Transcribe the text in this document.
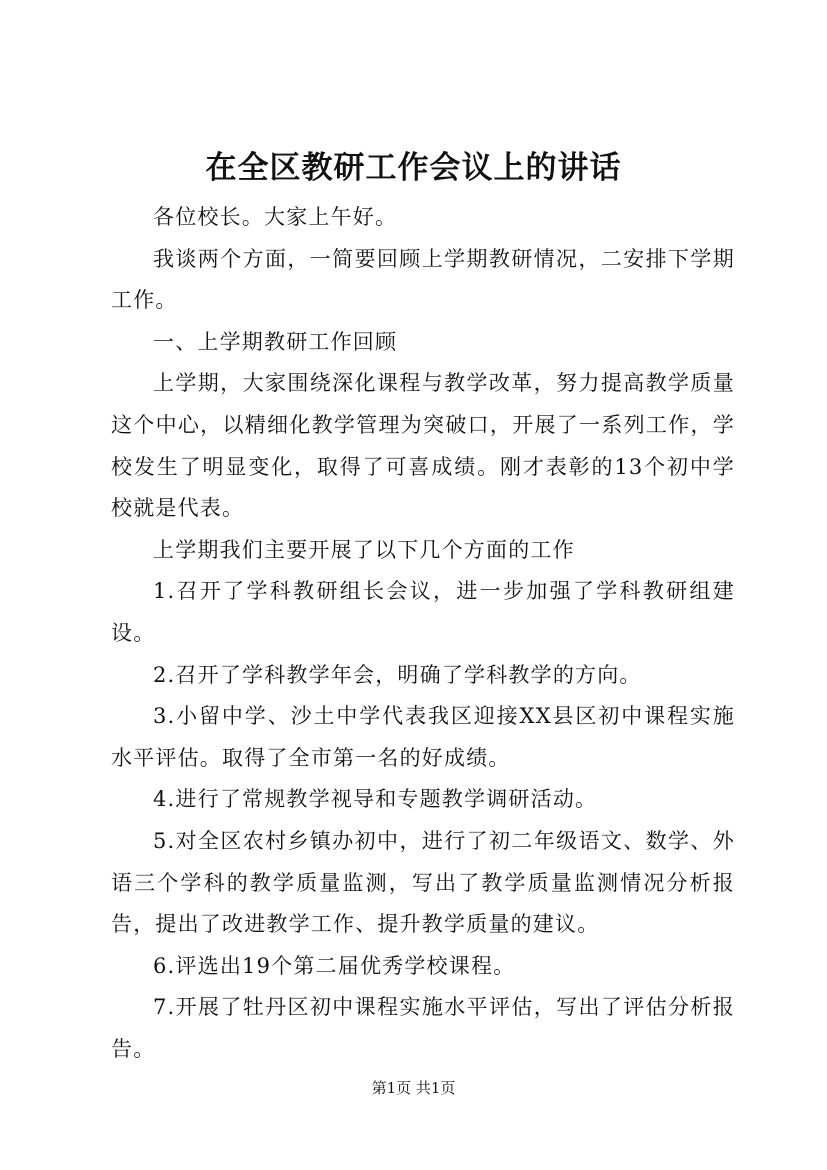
在全区教研工作会议上的讲话

各位校长。大家上午好。

我谈两个方面，一简要回顾上学期教研情况，二安排下学期工作。

一、上学期教研工作回顾

上学期，大家围绕深化课程与教学改革，努力提高教学质量这个中心，以精细化教学管理为突破口，开展了一系列工作，学校发生了明显变化，取得了可喜成绩。刚才表彰的13个初中学校就是代表。

上学期我们主要开展了以下几个方面的工作

1.召开了学科教研组长会议，进一步加强了学科教研组建设。

2.召开了学科教学年会，明确了学科教学的方向。

3.小留中学、沙土中学代表我区迎接XX县区初中课程实施水平评估。取得了全市第一名的好成绩。

4.进行了常规教学视导和专题教学调研活动。

5.对全区农村乡镇办初中，进行了初二年级语文、数学、外语三个学科的教学质量监测，写出了教学质量监测情况分析报告，提出了改进教学工作、提升教学质量的建议。

6.评选出19个第二届优秀学校课程。

7.开展了牡丹区初中课程实施水平评估，写出了评估分析报告。

第1页 共1页
